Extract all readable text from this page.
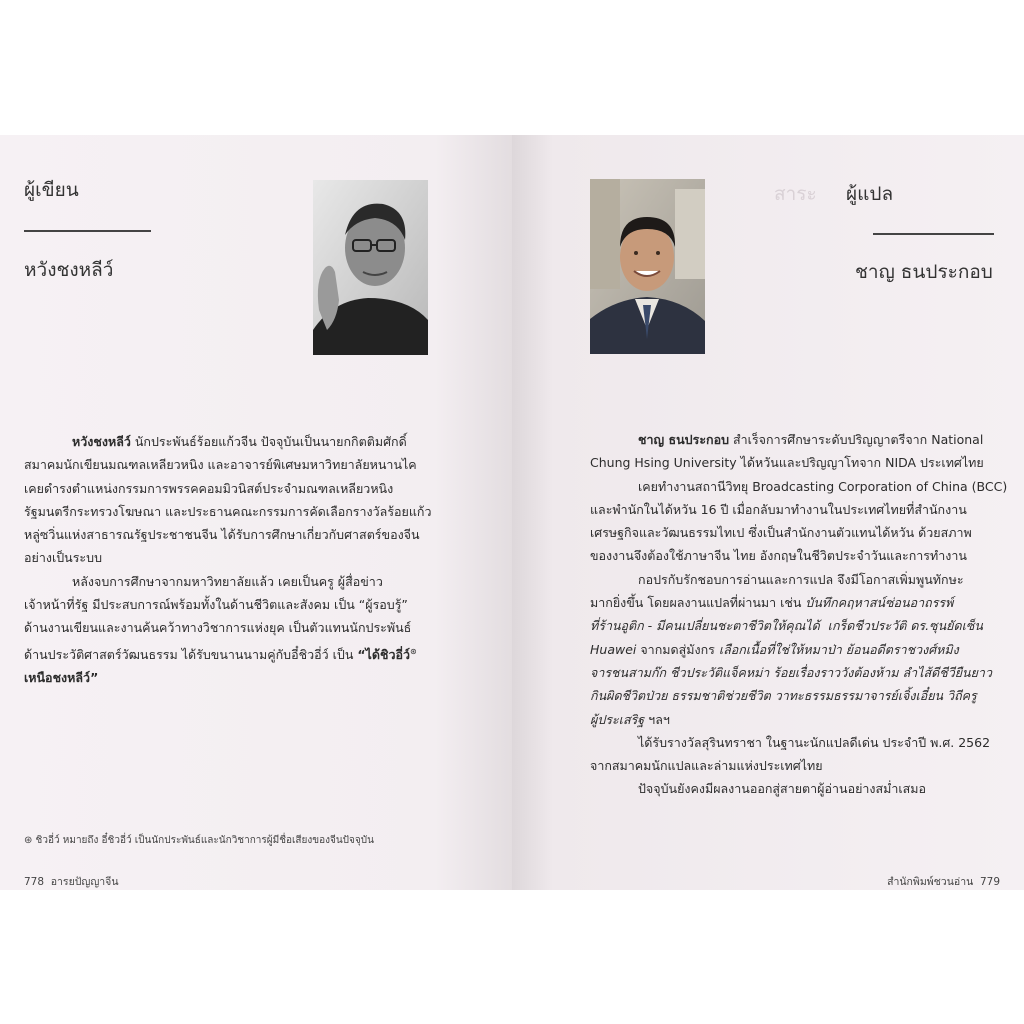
ผู้เขียน
หวังชงหลีว์

หวังชงหลีว์ นักประพันธ์ร้อยแก้วจีน ปัจจุบันเป็นนายกกิตติมศักดิ์

สมาคมนักเขียนมณฑลเหลียวหนิง และอาจารย์พิเศษมหาวิทยาลัยหนานไค

เคยดำรงตำแหน่งกรรมการพรรคคอมมิวนิสต์ประจำมณฑลเหลียวหนิง

รัฐมนตรีกระทรวงโฆษณา และประธานคณะกรรมการคัดเลือกรางวัลร้อยแก้ว

หลู่ซวิ่นแห่งสาธารณรัฐประชาชนจีน ได้รับการศึกษาเกี่ยวกับศาสตร์ของจีน

อย่างเป็นระบบ

หลังจบการศึกษาจากมหาวิทยาลัยแล้ว เคยเป็นครู ผู้สื่อข่าว

เจ้าหน้าที่รัฐ มีประสบการณ์พร้อมทั้งในด้านชีวิตและสังคม เป็น “ผู้รอบรู้”

ด้านงานเขียนและงานค้นคว้าทางวิชาการแห่งยุค เป็นตัวแทนนักประพันธ์

ด้านประวัติศาสตร์วัฒนธรรม ได้รับขนานนามคู่กับอี๋ชิวอี่ว์ เป็น “ได้ชิวอี่ว์⊛

เหนือชงหลีว์”

⊛ ชิวอี่ว์ หมายถึง อี๋ชิวอี่ว์ เป็นนักประพันธ์และนักวิชาการผู้มีชื่อเสียงของจีนปัจจุบัน
778 อารยปัญญาจีน
สาระ ผู้แปล
ชาญ ธนประกอบ

ชาญ ธนประกอบ สำเร็จการศึกษาระดับปริญญาตรีจาก National

Chung Hsing University ได้หวันและปริญญาโทจาก NIDA ประเทศไทย

เคยทำงานสถานีวิทยุ Broadcasting Corporation of China (BCC)

และพำนักในได้หวัน 16 ปี เมื่อกลับมาทำงานในประเทศไทยที่สำนักงาน

เศรษฐกิจและวัฒนธรรมไทเป ซึ่งเป็นสำนักงานตัวแทนได้หวัน ด้วยสภาพ

ของงานจึงต้องใช้ภาษาจีน ไทย อังกฤษในชีวิตประจำวันและการทำงาน

กอปรกับรักชอบการอ่านและการแปล จึงมีโอกาสเพิ่มพูนทักษะ

มากยิ่งขึ้น โดยผลงานแปลที่ผ่านมา เช่น บันทึกคฤหาสน์ซ่อนอาถรรพ์

ที่ร้านอูติก - มีคนเปลี่ยนชะตาชีวิตให้คุณได้ เกร็ดชีวประวัติ ดร.ซุนยัดเซ็น

Huawei จากมดสู่มังกร เลือกเนื้อที่ใช่ให้หมาป่า ย้อนอดีตราชวงศ์หมิง

จารชนสามก๊ก ชีวประวัติแจ็คหม่า ร้อยเรื่องราววังต้องห้าม ลำไส้ดีชีวียืนยาว

กินผิดชีวิตป่วย ธรรมชาติช่วยชีวิต วาทะธรรมธรรมาจารย์เจิ้งเอี๋ยน วิถีครู

ผู้ประเสริฐ ฯลฯ

ได้รับรางวัลสุรินทราชา ในฐานะนักแปลดีเด่น ประจำปี พ.ศ. 2562

จากสมาคมนักแปลและล่ามแห่งประเทศไทย

ปัจจุบันยังคงมีผลงานออกสู่สายตาผู้อ่านอย่างสม่ำเสมอ

สำนักพิมพ์ชวนอ่าน 779
